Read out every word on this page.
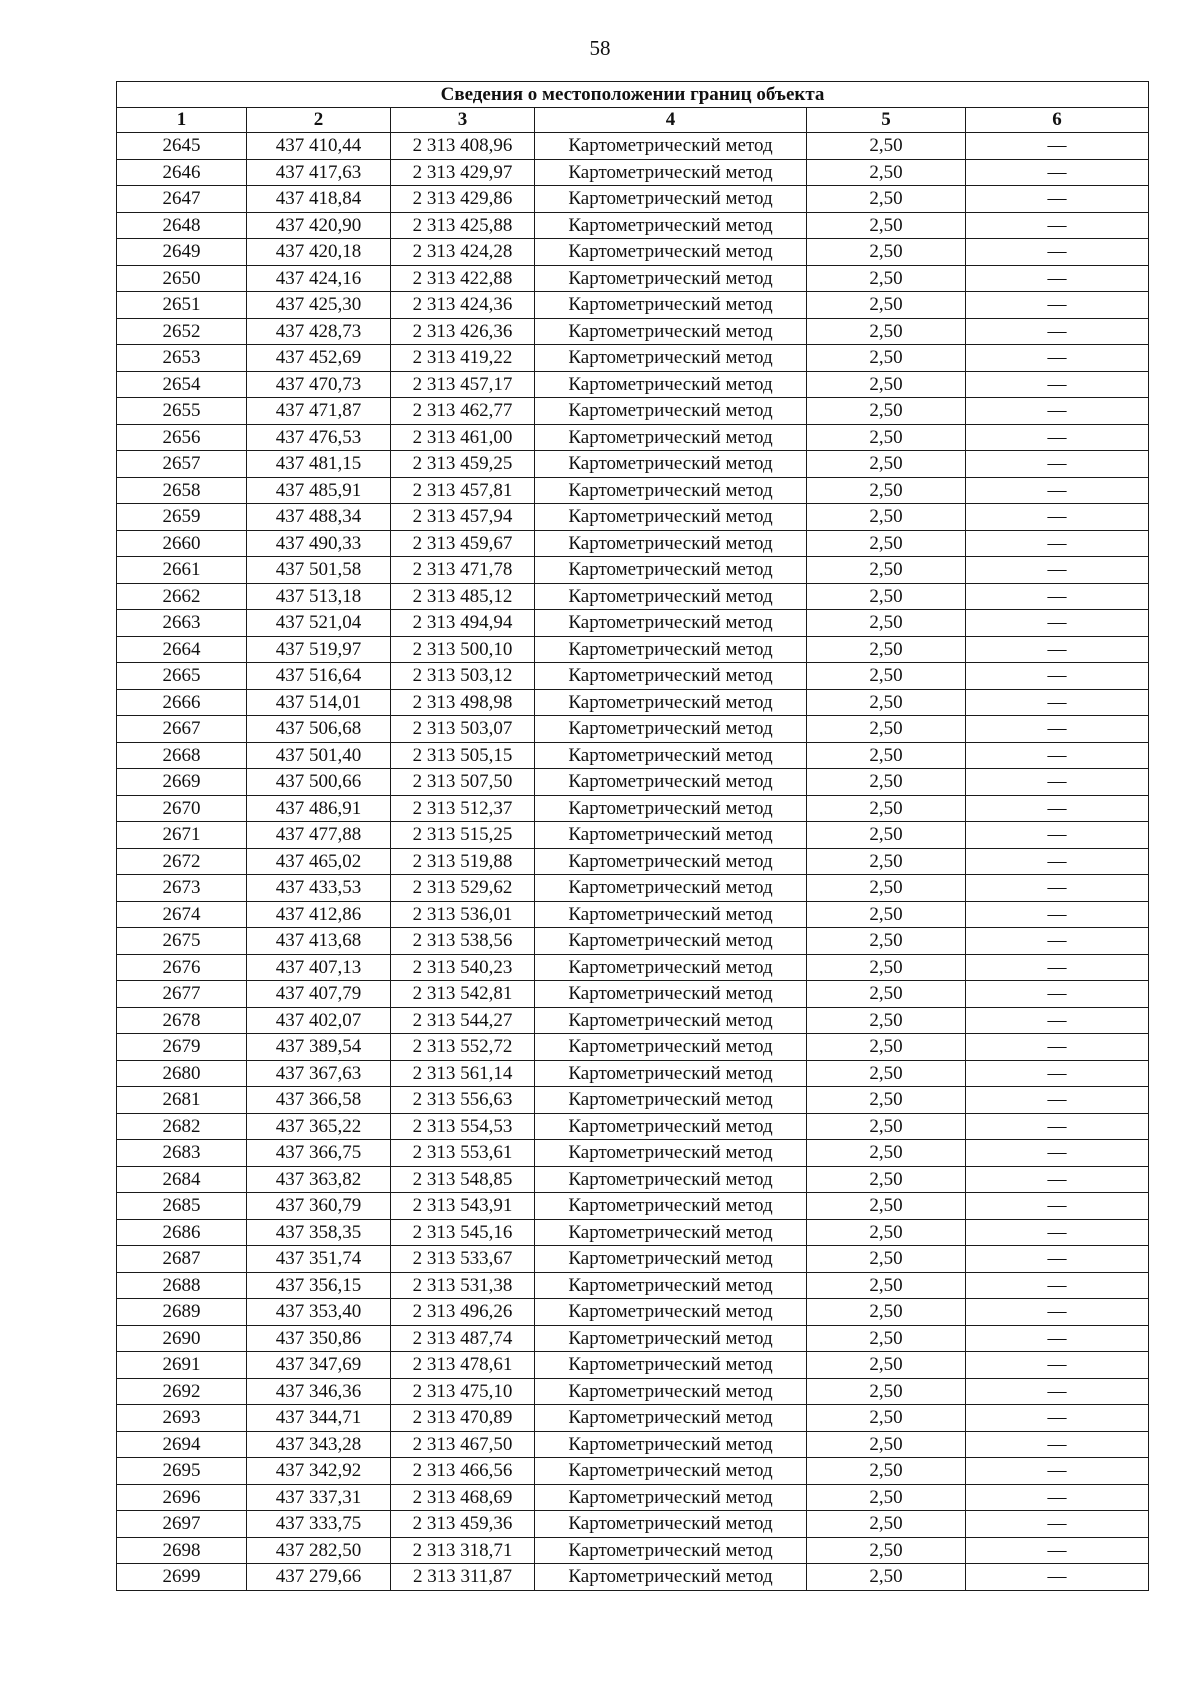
58
Сведения о местоположении границ объекта					
1	2	3	4	5	6
2645	437 410,44	2 313 408,96	Картометрический метод	2,50	—
2646	437 417,63	2 313 429,97	Картометрический метод	2,50	—
2647	437 418,84	2 313 429,86	Картометрический метод	2,50	—
2648	437 420,90	2 313 425,88	Картометрический метод	2,50	—
2649	437 420,18	2 313 424,28	Картометрический метод	2,50	—
2650	437 424,16	2 313 422,88	Картометрический метод	2,50	—
2651	437 425,30	2 313 424,36	Картометрический метод	2,50	—
2652	437 428,73	2 313 426,36	Картометрический метод	2,50	—
2653	437 452,69	2 313 419,22	Картометрический метод	2,50	—
2654	437 470,73	2 313 457,17	Картометрический метод	2,50	—
2655	437 471,87	2 313 462,77	Картометрический метод	2,50	—
2656	437 476,53	2 313 461,00	Картометрический метод	2,50	—
2657	437 481,15	2 313 459,25	Картометрический метод	2,50	—
2658	437 485,91	2 313 457,81	Картометрический метод	2,50	—
2659	437 488,34	2 313 457,94	Картометрический метод	2,50	—
2660	437 490,33	2 313 459,67	Картометрический метод	2,50	—
2661	437 501,58	2 313 471,78	Картометрический метод	2,50	—
2662	437 513,18	2 313 485,12	Картометрический метод	2,50	—
2663	437 521,04	2 313 494,94	Картометрический метод	2,50	—
2664	437 519,97	2 313 500,10	Картометрический метод	2,50	—
2665	437 516,64	2 313 503,12	Картометрический метод	2,50	—
2666	437 514,01	2 313 498,98	Картометрический метод	2,50	—
2667	437 506,68	2 313 503,07	Картометрический метод	2,50	—
2668	437 501,40	2 313 505,15	Картометрический метод	2,50	—
2669	437 500,66	2 313 507,50	Картометрический метод	2,50	—
2670	437 486,91	2 313 512,37	Картометрический метод	2,50	—
2671	437 477,88	2 313 515,25	Картометрический метод	2,50	—
2672	437 465,02	2 313 519,88	Картометрический метод	2,50	—
2673	437 433,53	2 313 529,62	Картометрический метод	2,50	—
2674	437 412,86	2 313 536,01	Картометрический метод	2,50	—
2675	437 413,68	2 313 538,56	Картометрический метод	2,50	—
2676	437 407,13	2 313 540,23	Картометрический метод	2,50	—
2677	437 407,79	2 313 542,81	Картометрический метод	2,50	—
2678	437 402,07	2 313 544,27	Картометрический метод	2,50	—
2679	437 389,54	2 313 552,72	Картометрический метод	2,50	—
2680	437 367,63	2 313 561,14	Картометрический метод	2,50	—
2681	437 366,58	2 313 556,63	Картометрический метод	2,50	—
2682	437 365,22	2 313 554,53	Картометрический метод	2,50	—
2683	437 366,75	2 313 553,61	Картометрический метод	2,50	—
2684	437 363,82	2 313 548,85	Картометрический метод	2,50	—
2685	437 360,79	2 313 543,91	Картометрический метод	2,50	—
2686	437 358,35	2 313 545,16	Картометрический метод	2,50	—
2687	437 351,74	2 313 533,67	Картометрический метод	2,50	—
2688	437 356,15	2 313 531,38	Картометрический метод	2,50	—
2689	437 353,40	2 313 496,26	Картометрический метод	2,50	—
2690	437 350,86	2 313 487,74	Картометрический метод	2,50	—
2691	437 347,69	2 313 478,61	Картометрический метод	2,50	—
2692	437 346,36	2 313 475,10	Картометрический метод	2,50	—
2693	437 344,71	2 313 470,89	Картометрический метод	2,50	—
2694	437 343,28	2 313 467,50	Картометрический метод	2,50	—
2695	437 342,92	2 313 466,56	Картометрический метод	2,50	—
2696	437 337,31	2 313 468,69	Картометрический метод	2,50	—
2697	437 333,75	2 313 459,36	Картометрический метод	2,50	—
2698	437 282,50	2 313 318,71	Картометрический метод	2,50	—
2699	437 279,66	2 313 311,87	Картометрический метод	2,50	—
